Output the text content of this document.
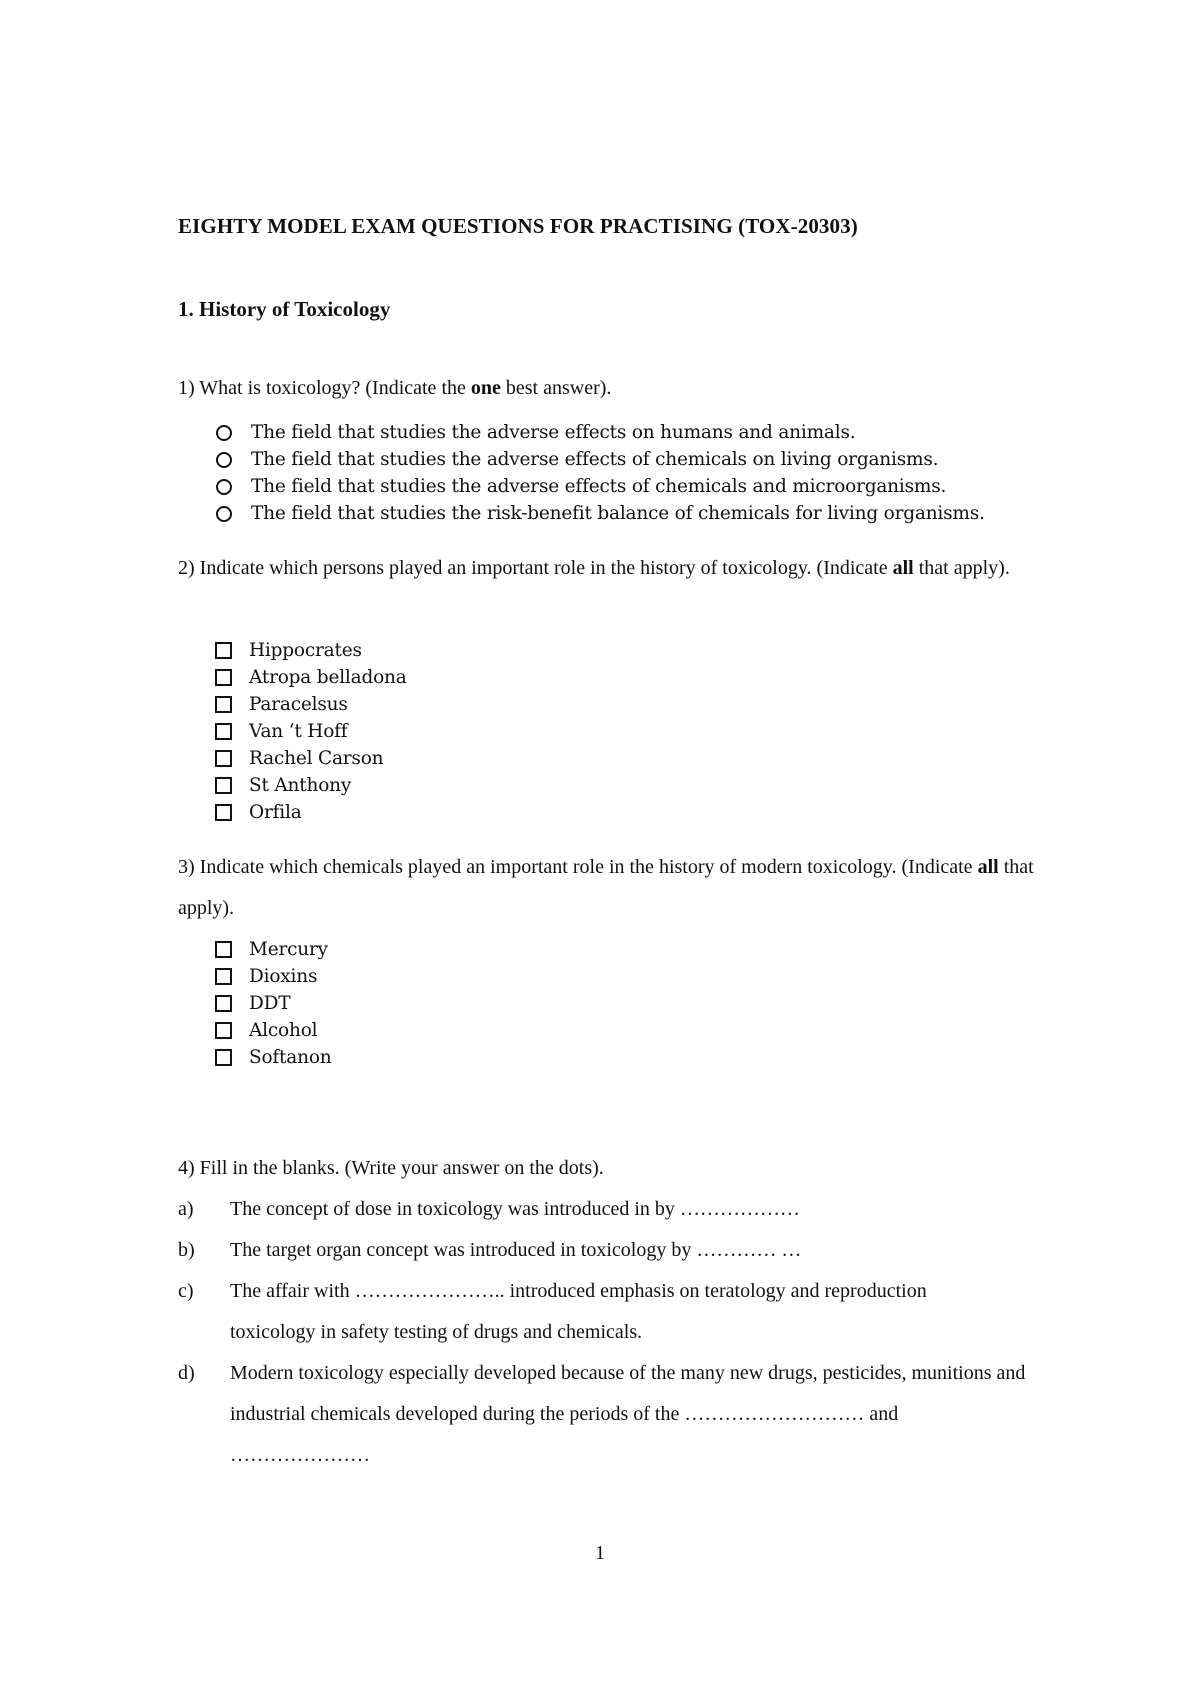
EIGHTY MODEL EXAM QUESTIONS FOR PRACTISING (TOX-20303)
1. History of Toxicology
1) What is toxicology? (Indicate the one best answer).
The field that studies the adverse effects on humans and animals.
The field that studies the adverse effects of chemicals on living organisms.
The field that studies the adverse effects of chemicals and microorganisms.
The field that studies the risk-benefit balance of chemicals for living organisms.
2) Indicate which persons played an important role in the history of toxicology. (Indicate all that apply).
Hippocrates
Atropa belladona
Paracelsus
Van ‘t Hoff
Rachel Carson
St Anthony
Orfila
3) Indicate which chemicals played an important role in the history of modern toxicology. (Indicate all that apply).
Mercury
Dioxins
DDT
Alcohol
Softanon
4) Fill in the blanks. (Write your answer on the dots).
a)	The concept of dose in toxicology was introduced in by ………………
b)	The target organ concept was introduced in toxicology by ………… …
c)	The affair with ………………….. introduced emphasis on teratology and reproduction toxicology in safety testing of drugs and chemicals.
d)	Modern toxicology especially developed because of the many new drugs, pesticides, munitions and industrial chemicals developed during the periods of the ……………………… and …………………
1
